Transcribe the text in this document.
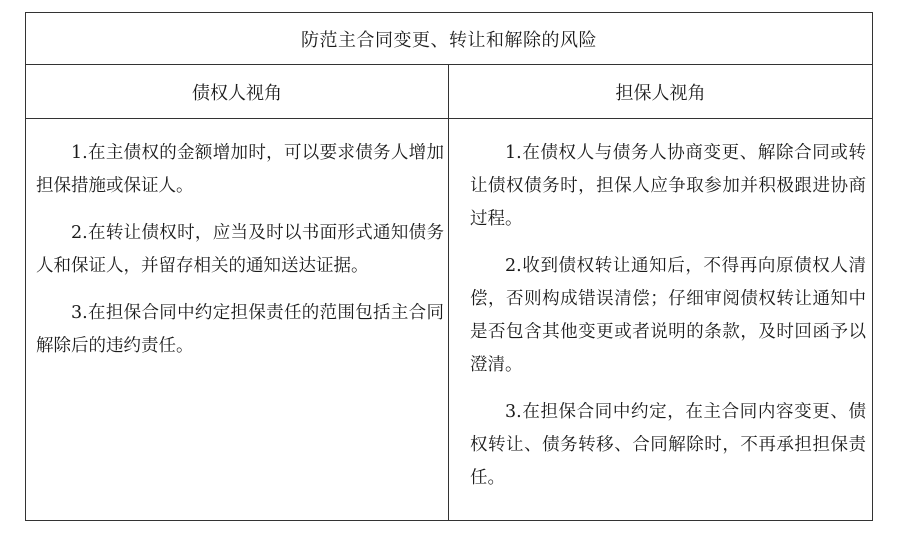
防范主合同变更、转让和解除的风险
债权人视角	担保人视角

1.在主债权的金额增加时，可以要求债务人增加担保措施或保证人。

2.在转让债权时，应当及时以书面形式通知债务人和保证人，并留存相关的通知送达证据。

3.在担保合同中约定担保责任的范围包括主合同解除后的违约责任。

1.在债权人与债务人协商变更、解除合同或转让债权债务时，担保人应争取参加并积极跟进协商过程。

2.收到债权转让通知后，不得再向原债权人清偿，否则构成错误清偿；仔细审阅债权转让通知中是否包含其他变更或者说明的条款，及时回函予以澄清。

3.在担保合同中约定，在主合同内容变更、债权转让、债务转移、合同解除时，不再承担担保责任。
